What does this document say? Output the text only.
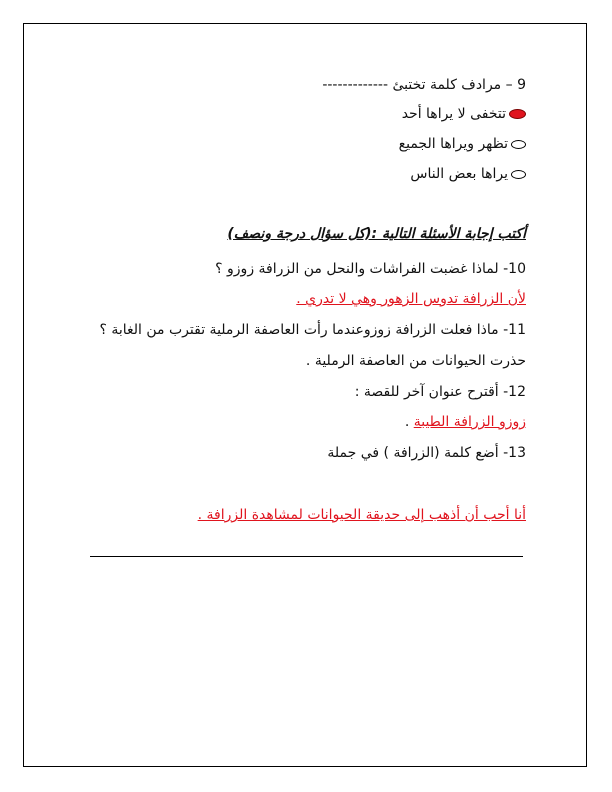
9 – مرادف كلمة تختبئ -------------
تتخفى لا يراها أحد
تظهر ويراها الجميع
يراها بعض الناس
أكتب إجابة الأسئلة التالية :(كل سؤال درجة ونصف)
10- لماذا غضبت الفراشات والنحل من الزرافة زوزو ؟
لأن الزرافة تدوس الزهور وهي لا تدري .
11- ماذا فعلت الزرافة زوزوعندما رأت العاصفة الرملية تقترب من الغابة ؟
حذرت الحيوانات من العاصفة الرملية .
12- أقترح عنوان آخر للقصة :
زوزو الزرافة الطيبة .
13- أضع كلمة (الزرافة ) في جملة
أنا أحب أن أذهب إلى حديقة الحيوانات لمشاهدة الزرافة .
